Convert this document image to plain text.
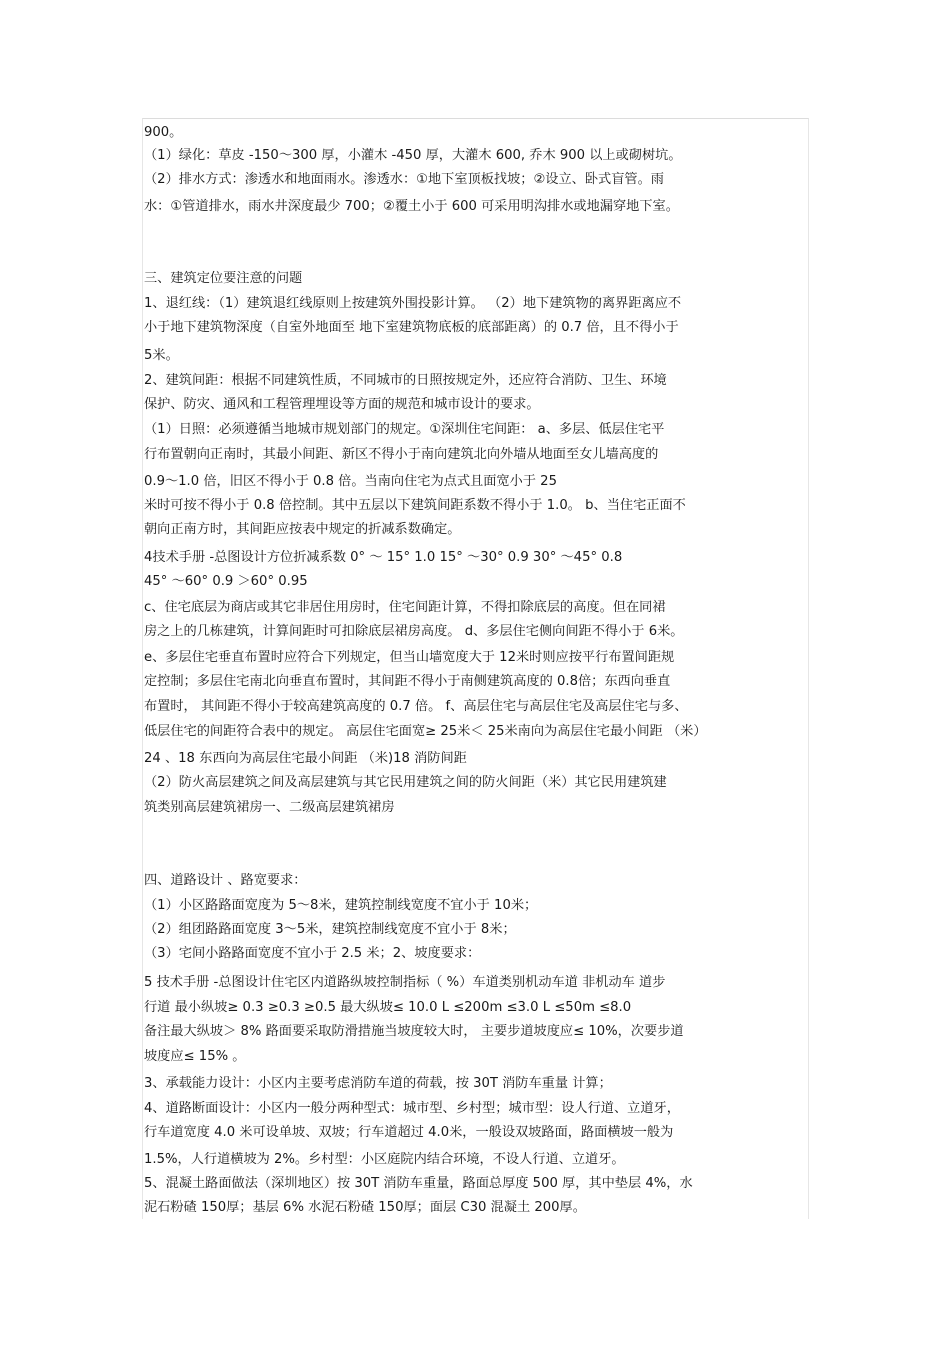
900。
（1）绿化：草皮 -150～300 厚，小灌木 -450 厚，大灌木 600, 乔木 900 以上或砌树坑。
（2）排水方式：渗透水和地面雨水。渗透水：①地下室顶板找坡；②设立、卧式盲管。雨
水：①管道排水，雨水井深度最少 700；②覆土小于 600 可采用明沟排水或地漏穿地下室。
三、建筑定位要注意的问题
1、退红线：（1）建筑退红线原则上按建筑外围投影计算。 （2）地下建筑物的离界距离应不
小于地下建筑物深度（自室外地面至 地下室建筑物底板的底部距离）的 0.7 倍，且不得小于
5米。
2、建筑间距：根据不同建筑性质，不同城市的日照按规定外，还应符合消防、卫生、环境
保护、防灾、通风和工程管理埋设等方面的规范和城市设计的要求。
（1）日照：必须遵循当地城市规划部门的规定。①深圳住宅间距： a、多层、低层住宅平
行布置朝向正南时，其最小间距、新区不得小于南向建筑北向外墙从地面至女儿墙高度的
0.9～1.0 倍，旧区不得小于 0.8 倍。当南向住宅为点式且面宽小于 25
米时可按不得小于 0.8 倍控制。其中五层以下建筑间距系数不得小于 1.0。 b、当住宅正面不
朝向正南方时，其间距应按表中规定的折减系数确定。
4技术手册 -总图设计方位折减系数 0° ～ 15° 1.0 15° ～30° 0.9 30° ～45° 0.8
45° ～60° 0.9 ＞60° 0.95
c、住宅底层为商店或其它非居住用房时，住宅间距计算，不得扣除底层的高度。但在同裙
房之上的几栋建筑，计算间距时可扣除底层裙房高度。 d、多层住宅侧向间距不得小于 6米。
e、多层住宅垂直布置时应符合下列规定，但当山墙宽度大于 12米时则应按平行布置间距规
定控制；多层住宅南北向垂直布置时，其间距不得小于南侧建筑高度的 0.8倍；东西向垂直
布置时， 其间距不得小于较高建筑高度的 0.7 倍。 f、高层住宅与高层住宅及高层住宅与多、
低层住宅的间距符合表中的规定。 高层住宅面宽≥ 25米＜ 25米南向为高层住宅最小间距 （米）
24 、18 东西向为高层住宅最小间距 （米)18 消防间距
（2）防火高层建筑之间及高层建筑与其它民用建筑之间的防火间距（米）其它民用建筑建
筑类别高层建筑裙房一、二级高层建筑裙房
四、道路设计 、路宽要求：
（1）小区路路面宽度为 5～8米，建筑控制线宽度不宜小于 10米；
（2）组团路路面宽度 3～5米，建筑控制线宽度不宜小于 8米；
（3）宅间小路路面宽度不宜小于 2.5 米；2、坡度要求：
5 技术手册 -总图设计住宅区内道路纵坡控制指标（ %）车道类别机动车道 非机动车 道步
行道 最小纵坡≥ 0.3 ≥0.3 ≥0.5 最大纵坡≤ 10.0 L ≤200m ≤3.0 L ≤50m ≤8.0
备注最大纵坡＞ 8% 路面要采取防滑措施当坡度较大时， 主要步道坡度应≤ 10%，次要步道
坡度应≤ 15% 。
3、承载能力设计：小区内主要考虑消防车道的荷载，按 30T 消防车重量 计算；
4、道路断面设计：小区内一般分两种型式：城市型、乡村型；城市型：设人行道、立道牙，
行车道宽度 4.0 米可设单坡、双坡；行车道超过 4.0米，一般设双坡路面，路面横坡一般为
1.5%，人行道横坡为 2%。乡村型：小区庭院内结合环境，不设人行道、立道牙。
5、混凝土路面做法（深圳地区）按 30T 消防车重量，路面总厚度 500 厚，其中垫层 4%，水
泥石粉碴 150厚；基层 6% 水泥石粉碴 150厚；面层 C30 混凝土 200厚。
